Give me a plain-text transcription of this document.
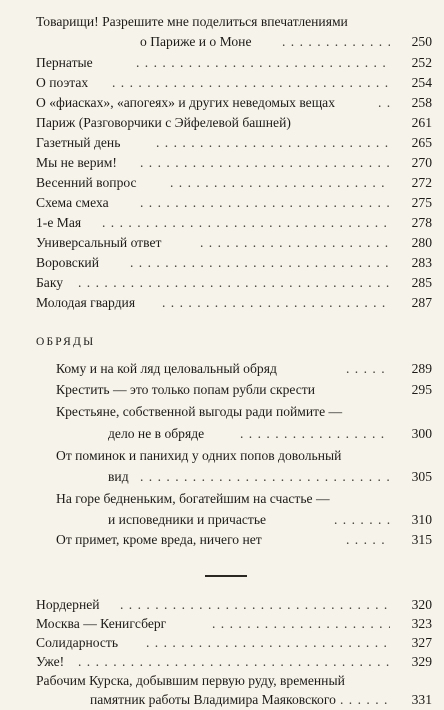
Товарищи! Разрешите мне поделиться впечатлениями
о Париже и о Моне . . .	250
Пернатые . . .	252
О поэтах . . .	254
О «фиасках», «апогеях» и других неведомых вещах . . .	258
Париж (Разговорчики с Эйфелевой башней)	261
Газетный день . . .	265
Мы не верим! . . .	270
Весенний вопрос . . .	272
Схема смеха . . .	275
1-е Мая . . .	278
Универсальный ответ . . .	280
Воровский . . .	283
Баку . . .	285
Молодая гвардия . . .	287
ОБРЯДЫ
Кому и на кой ляд целовальный обряд . . .	289
Крестить — это только попам рубли скрести	295
Крестьяне, собственной выгоды ради поймите —
дело не в обряде . . .	300
От поминок и панихид у одних попов довольный
вид . . .	305
На горе бедненьким, богатейшим на счастье —
и исповедники и причастье . . .	310
От примет, кроме вреда, ничего нет . . .	315
Нордерней . . .	320
Москва — Кенигсберг . . .	323
Солидарность . . .	327
Уже! . . .	329
Рабочим Курска, добывшим первую руду, временный
памятник работы Владимира Маяковского . . .	331
